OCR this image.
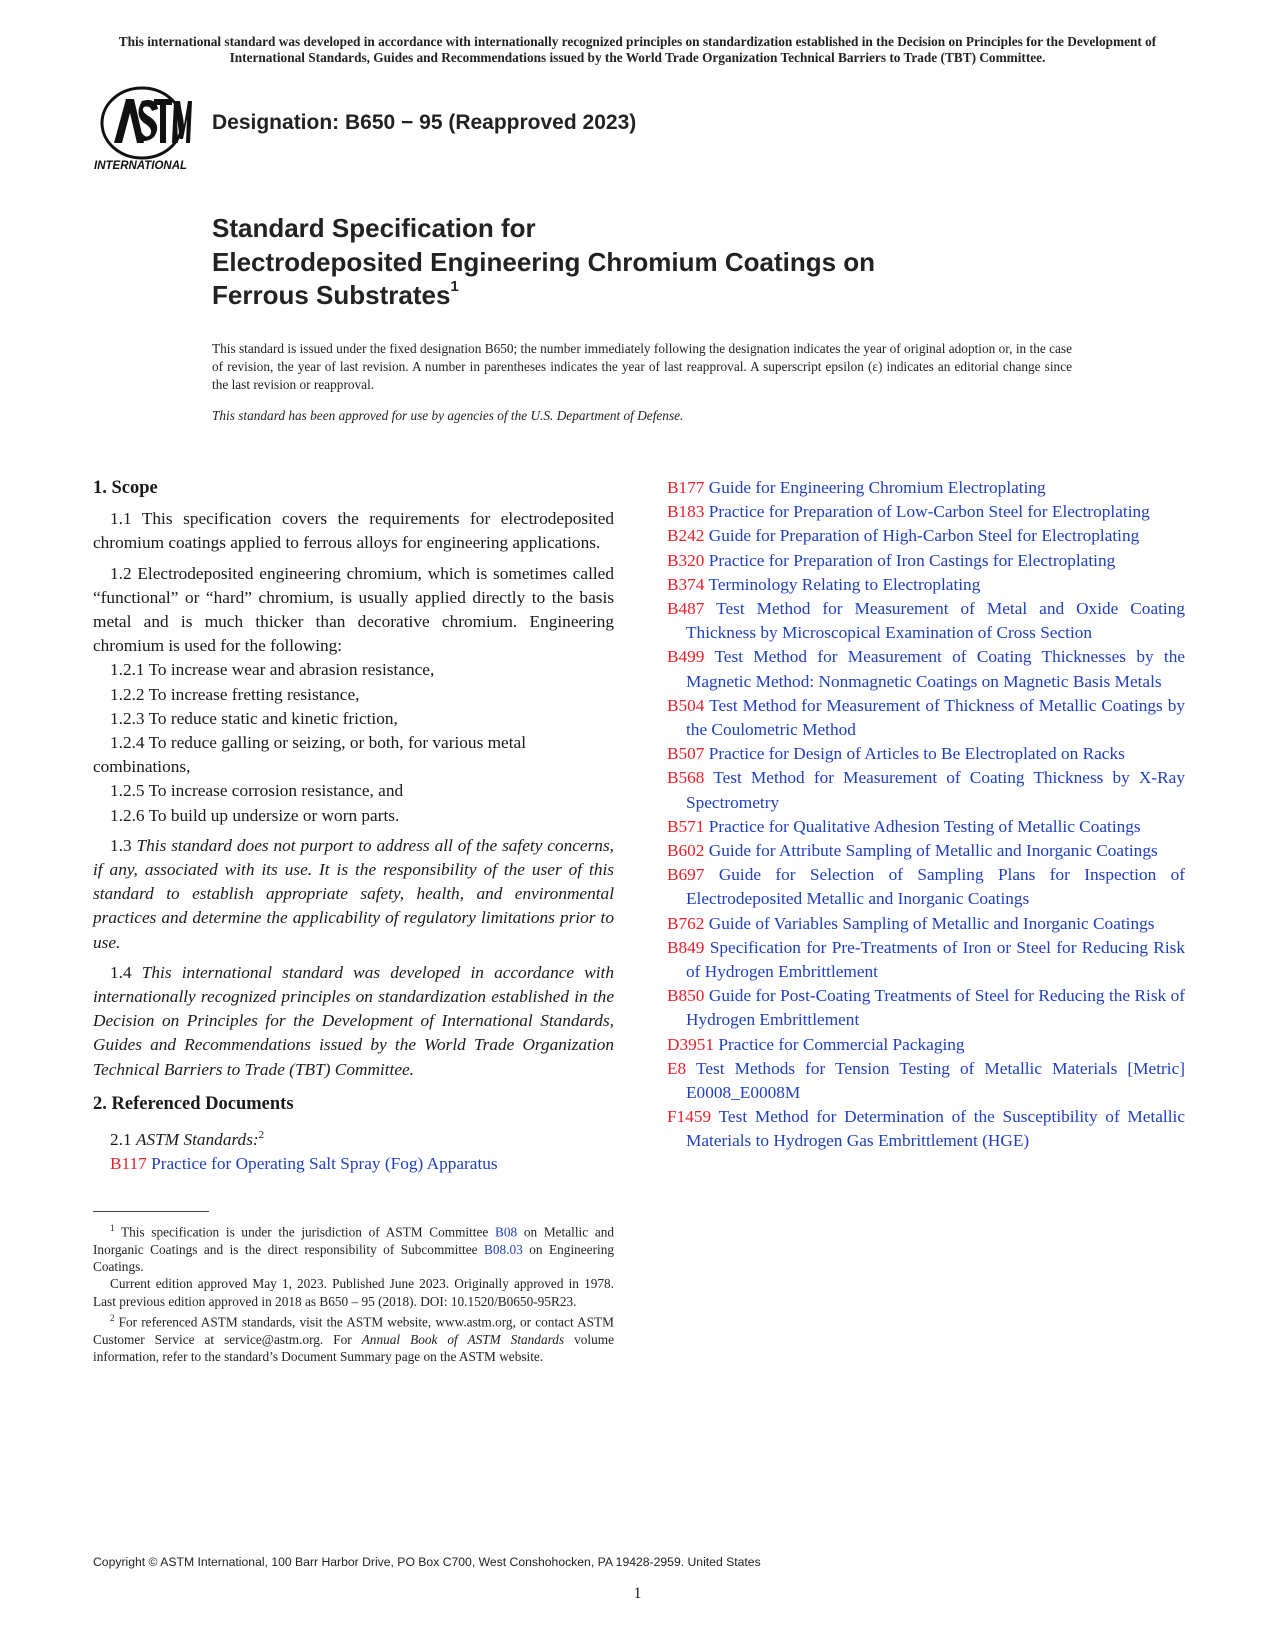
This international standard was developed in accordance with internationally recognized principles on standardization established in the Decision on Principles for the Development of International Standards, Guides and Recommendations issued by the World Trade Organization Technical Barriers to Trade (TBT) Committee.
INTERNATIONAL
Designation: B650 − 95 (Reapproved 2023)
Standard Specification for
Electrodeposited Engineering Chromium Coatings on
Ferrous Substrates$^1$
This standard is issued under the fixed designation B650; the number immediately following the designation indicates the year of original adoption or, in the case of revision, the year of last revision. A number in parentheses indicates the year of last reapproval. A superscript epsilon (ε) indicates an editorial change since the last revision or reapproval.
This standard has been approved for use by agencies of the U.S. Department of Defense.
1. Scope

1.1 This specification covers the requirements for electrodeposited chromium coatings applied to ferrous alloys for engineering applications.

1.2 Electrodeposited engineering chromium, which is sometimes called “functional” or “hard” chromium, is usually applied directly to the basis metal and is much thicker than decorative chromium. Engineering chromium is used for the following:

1.2.1 To increase wear and abrasion resistance,

1.2.2 To increase fretting resistance,

1.2.3 To reduce static and kinetic friction,

1.2.4 To reduce galling or seizing, or both, for various metal combinations,

1.2.5 To increase corrosion resistance, and

1.2.6 To build up undersize or worn parts.

1.3 This standard does not purport to address all of the safety concerns, if any, associated with its use. It is the responsibility of the user of this standard to establish appropriate safety, health, and environmental practices and determine the applicability of regulatory limitations prior to use.

1.4 This international standard was developed in accordance with internationally recognized principles on standardization established in the Decision on Principles for the Development of International Standards, Guides and Recommendations issued by the World Trade Organization Technical Barriers to Trade (TBT) Committee.

2. Referenced Documents

2.1 ASTM Standards:$^2$

B117 Practice for Operating Salt Spray (Fog) Apparatus

B177 Guide for Engineering Chromium Electroplating

B183 Practice for Preparation of Low-Carbon Steel for Electroplating

B242 Guide for Preparation of High-Carbon Steel for Electroplating

B320 Practice for Preparation of Iron Castings for Electroplating

B374 Terminology Relating to Electroplating

B487 Test Method for Measurement of Metal and Oxide Coating Thickness by Microscopical Examination of Cross Section

B499 Test Method for Measurement of Coating Thicknesses by the Magnetic Method: Nonmagnetic Coatings on Magnetic Basis Metals

B504 Test Method for Measurement of Thickness of Metallic Coatings by the Coulometric Method

B507 Practice for Design of Articles to Be Electroplated on Racks

B568 Test Method for Measurement of Coating Thickness by X-Ray Spectrometry

B571 Practice for Qualitative Adhesion Testing of Metallic Coatings

B602 Guide for Attribute Sampling of Metallic and Inorganic Coatings

B697 Guide for Selection of Sampling Plans for Inspection of Electrodeposited Metallic and Inorganic Coatings

B762 Guide of Variables Sampling of Metallic and Inorganic Coatings

B849 Specification for Pre-Treatments of Iron or Steel for Reducing Risk of Hydrogen Embrittlement

B850 Guide for Post-Coating Treatments of Steel for Reducing the Risk of Hydrogen Embrittlement

D3951 Practice for Commercial Packaging

E8 Test Methods for Tension Testing of Metallic Materials [Metric] E0008_E0008M

F1459 Test Method for Determination of the Susceptibility of Metallic Materials to Hydrogen Gas Embrittlement (HGE)

$^1$ This specification is under the jurisdiction of ASTM Committee B08 on Metallic and Inorganic Coatings and is the direct responsibility of Subcommittee B08.03 on Engineering Coatings.

Current edition approved May 1, 2023. Published June 2023. Originally approved in 1978. Last previous edition approved in 2018 as B650 – 95 (2018). DOI: 10.1520/B0650-95R23.

$^2$ For referenced ASTM standards, visit the ASTM website, www.astm.org, or contact ASTM Customer Service at service@astm.org. For Annual Book of ASTM Standards volume information, refer to the standard’s Document Summary page on the ASTM website.

Copyright © ASTM International, 100 Barr Harbor Drive, PO Box C700, West Conshohocken, PA 19428-2959. United States
1
